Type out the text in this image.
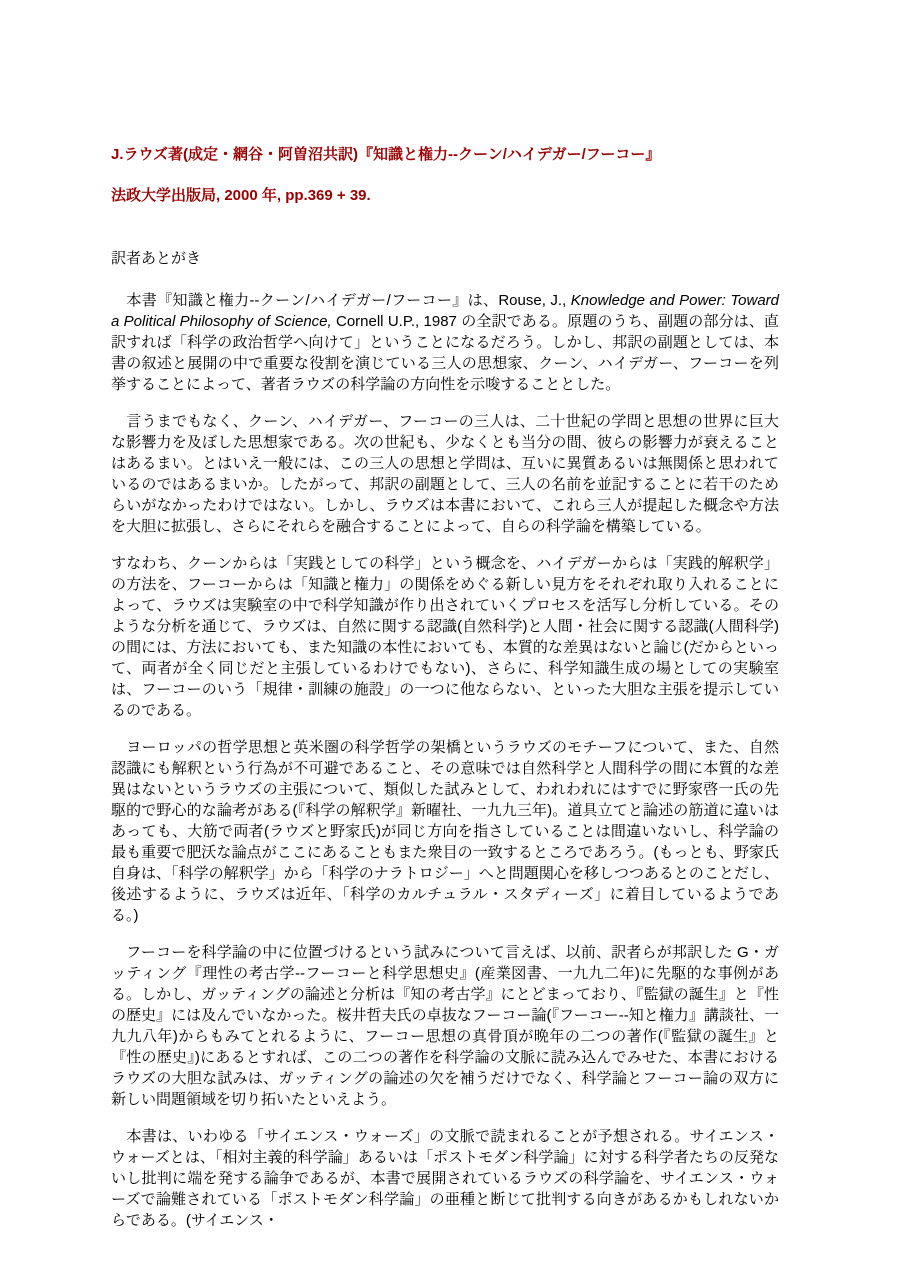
J.ラウズ著(成定・網谷・阿曽沼共訳)『知識と権力--クーン/ハイデガー/フーコー』

法政大学出版局, 2000 年, pp.369 + 39.

訳者あとがき

　本書『知識と権力--クーン/ハイデガー/フーコー』は、Rouse, J., Knowledge and Power: Toward a Political Philosophy of Science, Cornell U.P., 1987 の全訳である。原題のうち、副題の部分は、直訳すれば「科学の政治哲学へ向けて」ということになるだろう。しかし、邦訳の副題としては、本書の叙述と展開の中で重要な役割を演じている三人の思想家、クーン、ハイデガー、フーコーを列挙することによって、著者ラウズの科学論の方向性を示唆することとした。

　言うまでもなく、クーン、ハイデガー、フーコーの三人は、二十世紀の学問と思想の世界に巨大な影響力を及ぼした思想家である。次の世紀も、少なくとも当分の間、彼らの影響力が衰えることはあるまい。とはいえ一般には、この三人の思想と学問は、互いに異質あるいは無関係と思われているのではあるまいか。したがって、邦訳の副題として、三人の名前を並記することに若干のためらいがなかったわけではない。しかし、ラウズは本書において、これら三人が提起した概念や方法を大胆に拡張し、さらにそれらを融合することによって、自らの科学論を構築している。

すなわち、クーンからは「実践としての科学」という概念を、ハイデガーからは「実践的解釈学」の方法を、フーコーからは「知識と権力」の関係をめぐる新しい見方をそれぞれ取り入れることによって、ラウズは実験室の中で科学知識が作り出されていくプロセスを活写し分析している。そのような分析を通じて、ラウズは、自然に関する認識(自然科学)と人間・社会に関する認識(人間科学)の間には、方法においても、また知識の本性においても、本質的な差異はないと論じ(だからといって、両者が全く同じだと主張しているわけでもない)、さらに、科学知識生成の場としての実験室は、フーコーのいう「規律・訓練の施設」の一つに他ならない、といった大胆な主張を提示しているのである。

　ヨーロッパの哲学思想と英米圏の科学哲学の架橋というラウズのモチーフについて、また、自然認識にも解釈という行為が不可避であること、その意味では自然科学と人間科学の間に本質的な差異はないというラウズの主張について、類似した試みとして、われわれにはすでに野家啓一氏の先駆的で野心的な論考がある(『科学の解釈学』新曜社、一九九三年)。道具立てと論述の筋道に違いはあっても、大筋で両者(ラウズと野家氏)が同じ方向を指さしていることは間違いないし、科学論の最も重要で肥沃な論点がここにあることもまた衆目の一致するところであろう。(もっとも、野家氏自身は、「科学の解釈学」から「科学のナラトロジー」へと問題関心を移しつつあるとのことだし、後述するように、ラウズは近年、「科学のカルチュラル・スタディーズ」に着目しているようである。)

　フーコーを科学論の中に位置づけるという試みについて言えば、以前、訳者らが邦訳した G・ガッティング『理性の考古学--フーコーと科学思想史』(産業図書、一九九二年)に先駆的な事例がある。しかし、ガッティングの論述と分析は『知の考古学』にとどまっており、『監獄の誕生』と『性の歴史』には及んでいなかった。桜井哲夫氏の卓抜なフーコー論(『フーコー--知と権力』講談社、一九九八年)からもみてとれるように、フーコー思想の真骨頂が晩年の二つの著作(『監獄の誕生』と『性の歴史』)にあるとすれば、この二つの著作を科学論の文脈に読み込んでみせた、本書におけるラウズの大胆な試みは、ガッティングの論述の欠を補うだけでなく、科学論とフーコー論の双方に新しい問題領域を切り拓いたといえよう。

　本書は、いわゆる「サイエンス・ウォーズ」の文脈で読まれることが予想される。サイエンス・ウォーズとは、「相対主義的科学論」あるいは「ポストモダン科学論」に対する科学者たちの反発ないし批判に端を発する論争であるが、本書で展開されているラウズの科学論を、サイエンス・ウォーズで論難されている「ポストモダン科学論」の亜種と断じて批判する向きがあるかもしれないからである。(サイエンス・
